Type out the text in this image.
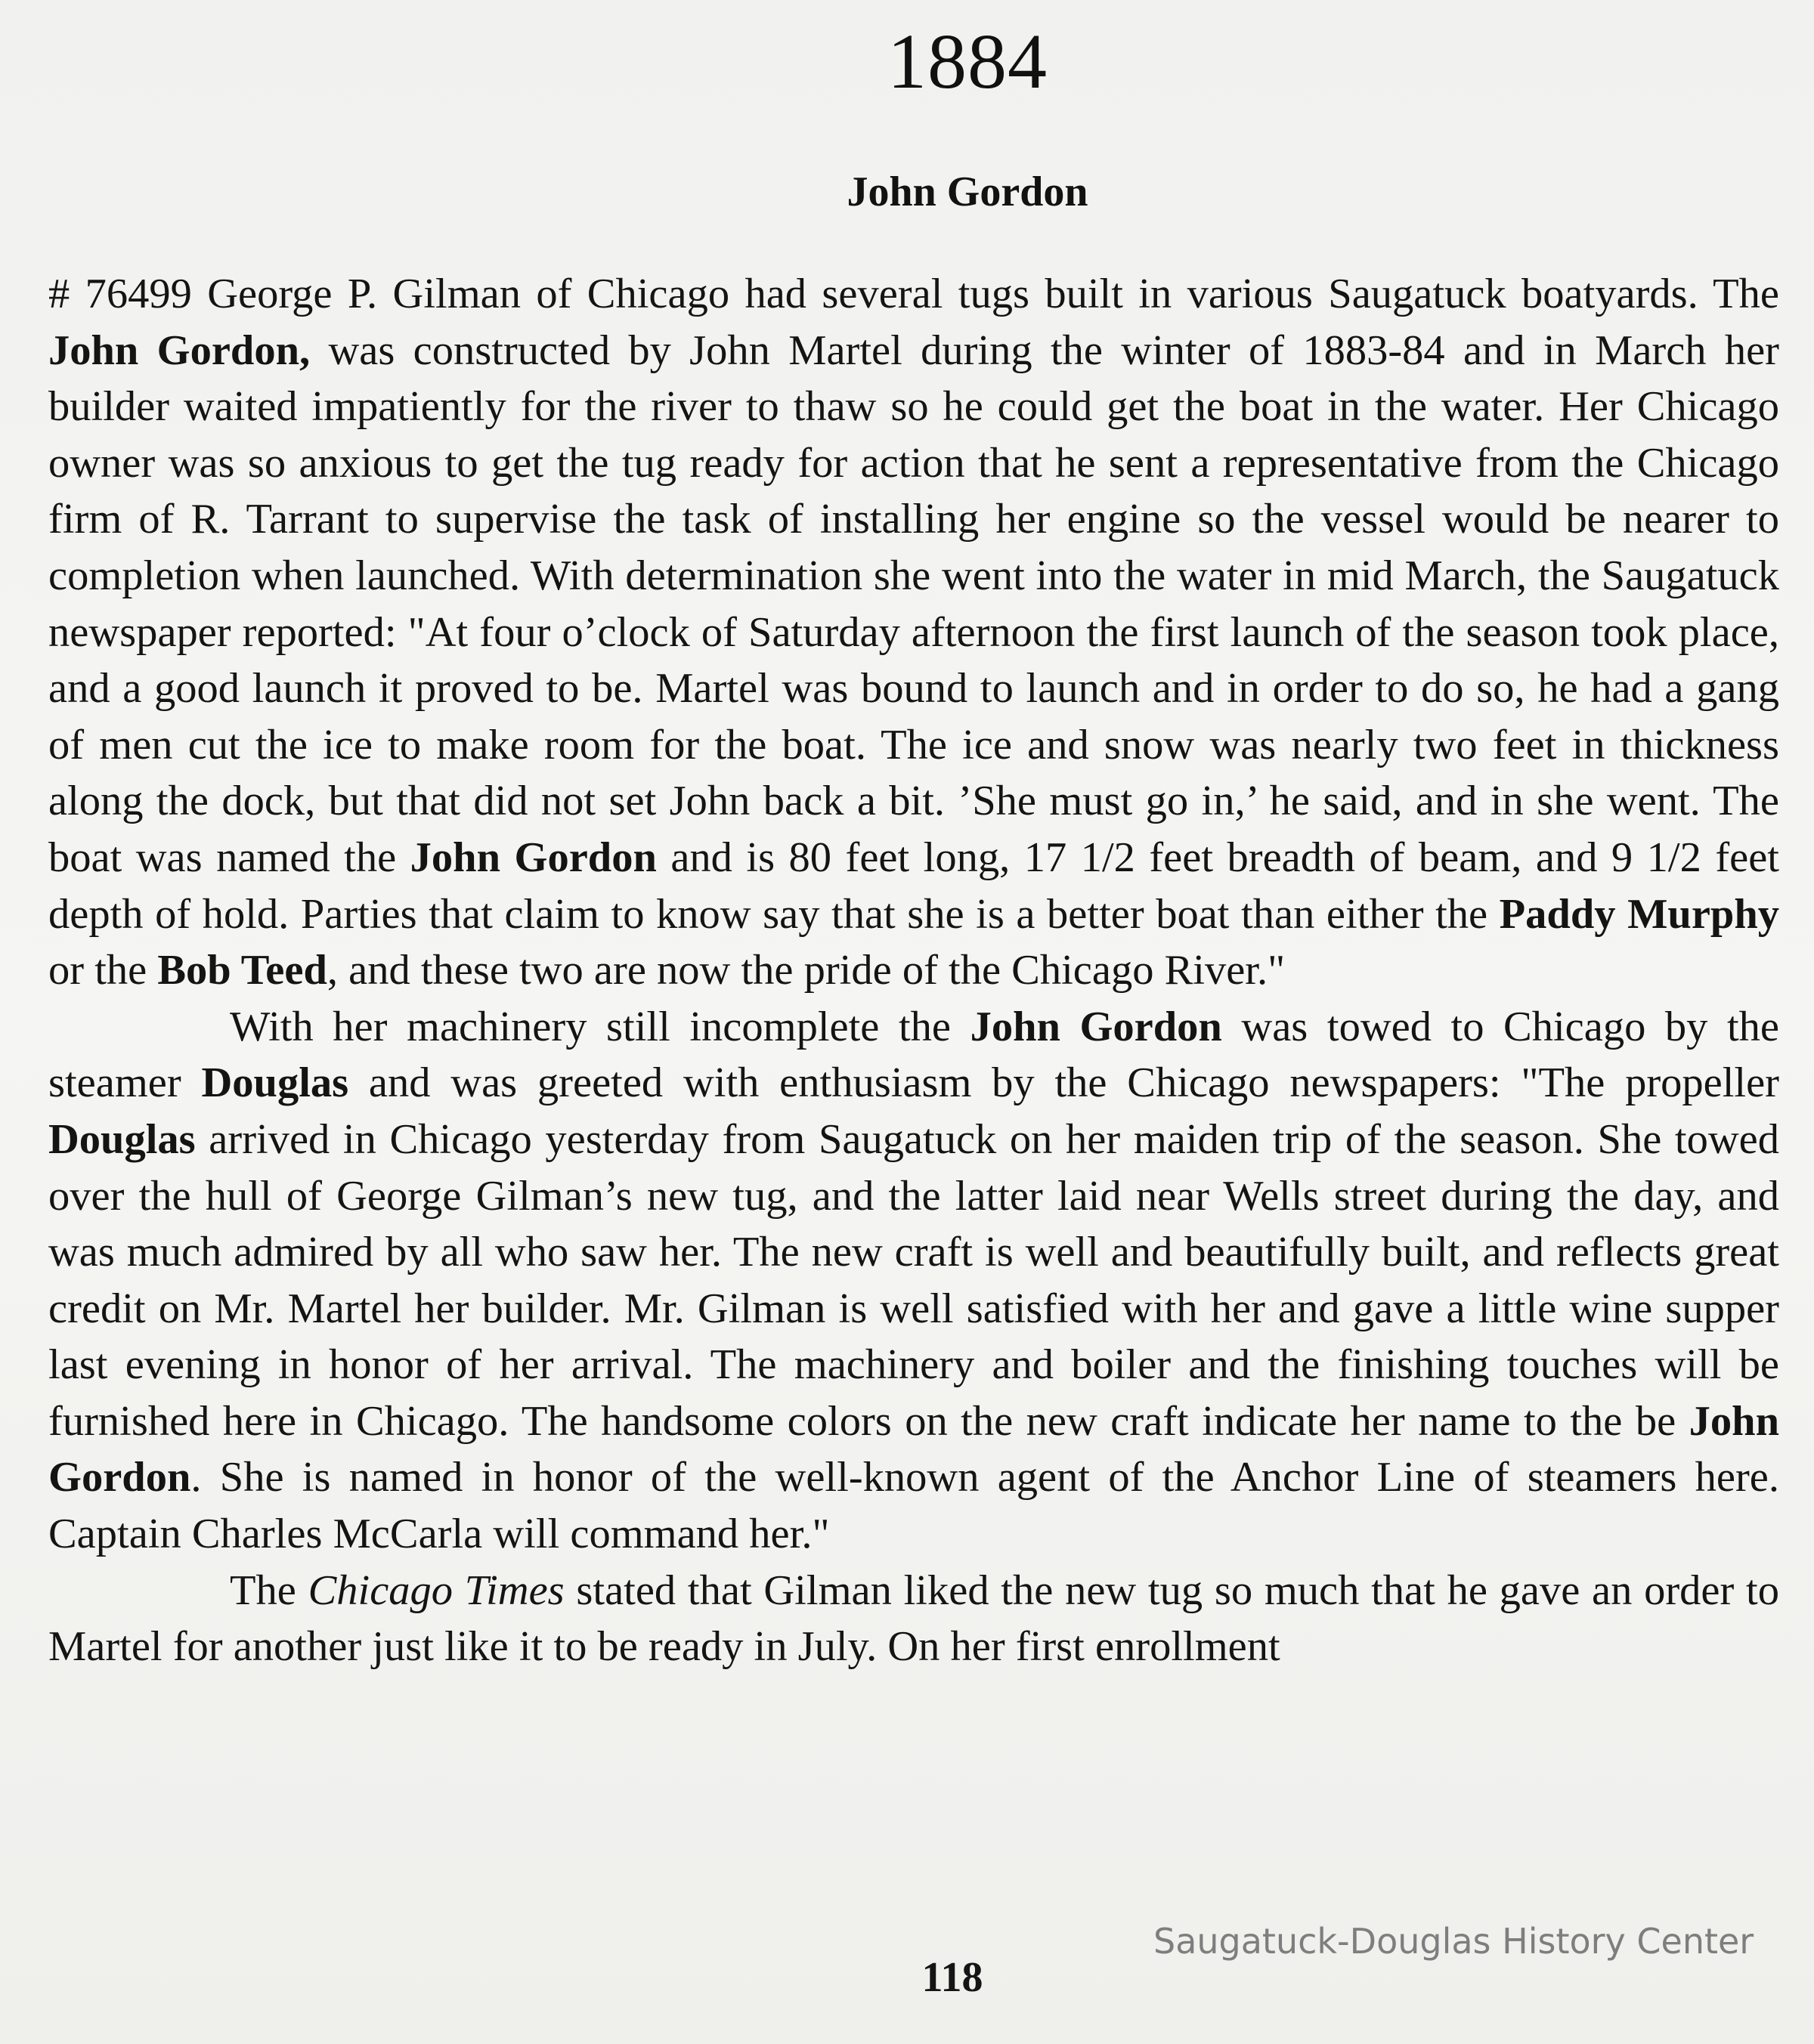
1884
John Gordon

# 76499 George P. Gilman of Chicago had several tugs built in various Saugatuck boatyards. The John Gordon, was constructed by John Martel during the winter of 1883-84 and in March her builder waited impatiently for the river to thaw so he could get the boat in the water. Her Chicago owner was so anxious to get the tug ready for action that he sent a representative from the Chicago firm of R. Tarrant to supervise the task of installing her engine so the vessel would be nearer to completion when launched. With determination she went into the water in mid March, the Saugatuck newspaper reported: "At four o’clock of Saturday afternoon the first launch of the season took place, and a good launch it proved to be. Martel was bound to launch and in order to do so, he had a gang of men cut the ice to make room for the boat. The ice and snow was nearly two feet in thickness along the dock, but that did not set John back a bit. ’She must go in,’ he said, and in she went. The boat was named the John Gordon and is 80 feet long, 17 1/2 feet breadth of beam, and 9 1/2 feet depth of hold. Parties that claim to know say that she is a better boat than either the Paddy Murphy or the Bob Teed, and these two are now the pride of the Chicago River."

With her machinery still incomplete the John Gordon was towed to Chicago by the steamer Douglas and was greeted with enthusiasm by the Chicago newspapers: "The propeller Douglas arrived in Chicago yesterday from Saugatuck on her maiden trip of the season. She towed over the hull of George Gilman’s new tug, and the latter laid near Wells street during the day, and was much admired by all who saw her. The new craft is well and beautifully built, and reflects great credit on Mr. Martel her builder. Mr. Gilman is well satisfied with her and gave a little wine supper last evening in honor of her arrival. The machinery and boiler and the finishing touches will be furnished here in Chicago. The handsome colors on the new craft indicate her name to the be John Gordon. She is named in honor of the well-known agent of the Anchor Line of steamers here. Captain Charles McCarla will command her."

The Chicago Times stated that Gilman liked the new tug so much that he gave an order to Martel for another just like it to be ready in July. On her first enrollment

Saugatuck-Douglas History Center
118
